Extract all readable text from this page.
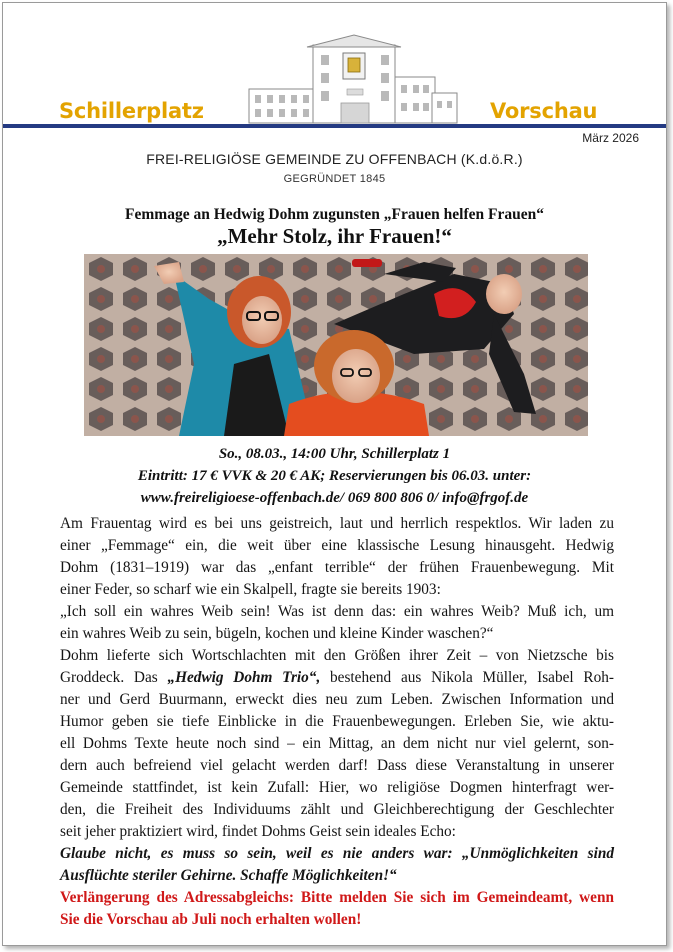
Schillerplatz	Vorschau
März 2026
FREI-RELIGIÖSE GEMEINDE ZU OFFENBACH (K.d.ö.R.)
GEGRÜNDET 1845
Femmage an Hedwig Dohm zugunsten „Frauen helfen Frauen“
„Mehr Stolz, ihr Frauen!“
So., 08.03., 14:00 Uhr, Schillerplatz 1
Eintritt: 17 € VVK & 20 € AK; Reservierungen bis 06.03. unter:
www.freireligioese-offenbach.de/ 069 800 806 0/ info@frgof.de
Am Frauentag wird es bei uns geistreich, laut und herrlich respektlos. Wir laden zu
einer „Femmage“ ein, die weit über eine klassische Lesung hinausgeht. Hedwig
Dohm (1831–1919) war das „enfant terrible“ der frühen Frauenbewegung. Mit
einer Feder, so scharf wie ein Skalpell, fragte sie bereits 1903:
„Ich soll ein wahres Weib sein! Was ist denn das: ein wahres Weib? Muß ich, um
ein wahres Weib zu sein, bügeln, kochen und kleine Kinder waschen?“
Dohm lieferte sich Wortschlachten mit den Größen ihrer Zeit – von Nietzsche bis
Groddeck. Das „Hedwig Dohm Trio“, bestehend aus Nikola Müller, Isabel Roh-
ner und Gerd Buurmann, erweckt dies neu zum Leben. Zwischen Information und
Humor geben sie tiefe Einblicke in die Frauenbewegungen. Erleben Sie, wie aktu-
ell Dohms Texte heute noch sind – ein Mittag, an dem nicht nur viel gelernt, son-
dern auch befreiend viel gelacht werden darf! Dass diese Veranstaltung in unserer
Gemeinde stattfindet, ist kein Zufall: Hier, wo religiöse Dogmen hinterfragt wer-
den, die Freiheit des Individuums zählt und Gleichberechtigung der Geschlechter
seit jeher praktiziert wird, findet Dohms Geist sein ideales Echo:
Glaube nicht, es muss so sein, weil es nie anders war: „Unmöglichkeiten sind
Ausflüchte steriler Gehirne. Schaffe Möglichkeiten!“
Verlängerung des Adressabgleichs: Bitte melden Sie sich im Gemeindeamt, wenn
Sie die Vorschau ab Juli noch erhalten wollen!
